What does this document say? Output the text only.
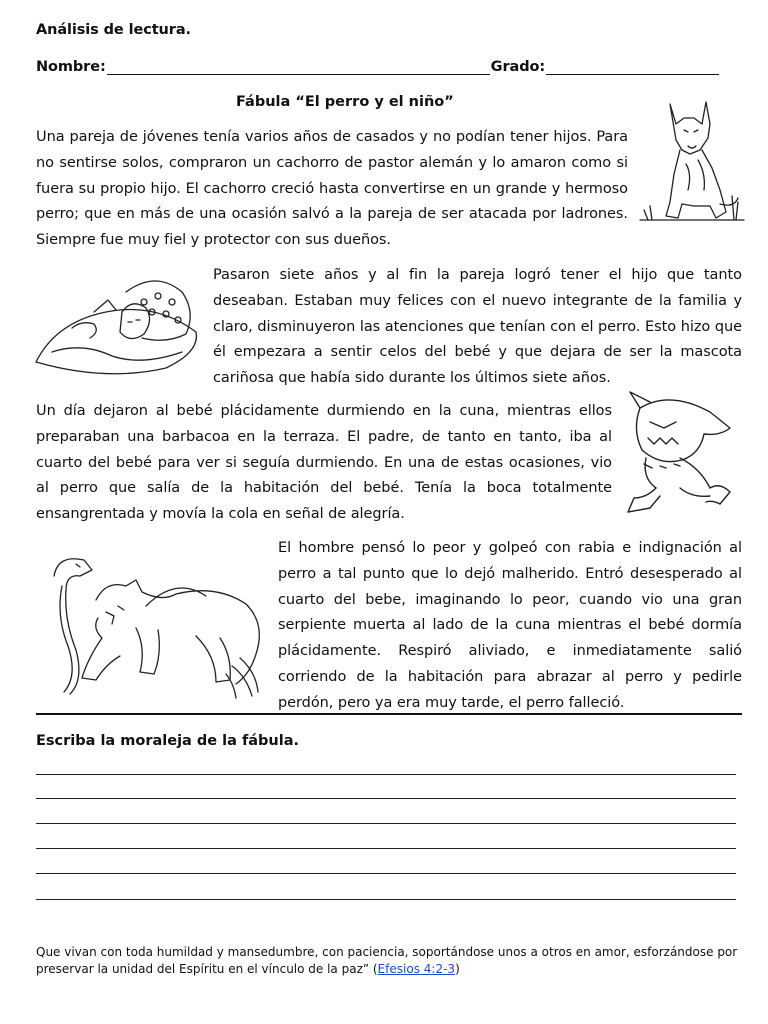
Análisis de lectura.
Nombre:	Grado:
Fábula “El perro y el niño”
Una pareja de jóvenes tenía varios años de casados y no podían tener hijos. Para no sentirse solos, compraron un cachorro de pastor alemán y lo amaron como si fuera su propio hijo. El cachorro creció hasta convertirse en un grande y hermoso perro; que en más de una ocasión salvó a la pareja de ser atacada por ladrones. Siempre fue muy fiel y protector con sus dueños.
Pasaron siete años y al fin la pareja logró tener el hijo que tanto deseaban. Estaban muy felices con el nuevo integrante de la familia y claro, disminuyeron las atenciones que tenían con el perro. Esto hizo que él empezara a sentir celos del bebé y que dejara de ser la mascota cariñosa que había sido durante los últimos siete años.
Un día dejaron al bebé plácidamente durmiendo en la cuna, mientras ellos preparaban una barbacoa en la terraza. El padre, de tanto en tanto, iba al cuarto del bebé para ver si seguía durmiendo. En una de estas ocasiones, vio al perro que salía de la habitación del bebé. Tenía la boca totalmente ensangrentada y movía la cola en señal de alegría.
El hombre pensó lo peor y golpeó con rabia e indignación al perro a tal punto que lo dejó malherido. Entró desesperado al cuarto del bebe, imaginando lo peor, cuando vio una gran serpiente muerta al lado de la cuna mientras el bebé dormía plácidamente. Respiró aliviado, e inmediatamente salió corriendo de la habitación para abrazar al perro y pedirle perdón, pero ya era muy tarde, el perro falleció.
Escriba la moraleja de la fábula.
Que vivan con toda humildad y mansedumbre, con paciencia, soportándose unos a otros en amor, esforzándose por preservar la unidad del Espíritu en el vínculo de la paz” (Efesios 4:2-3)
